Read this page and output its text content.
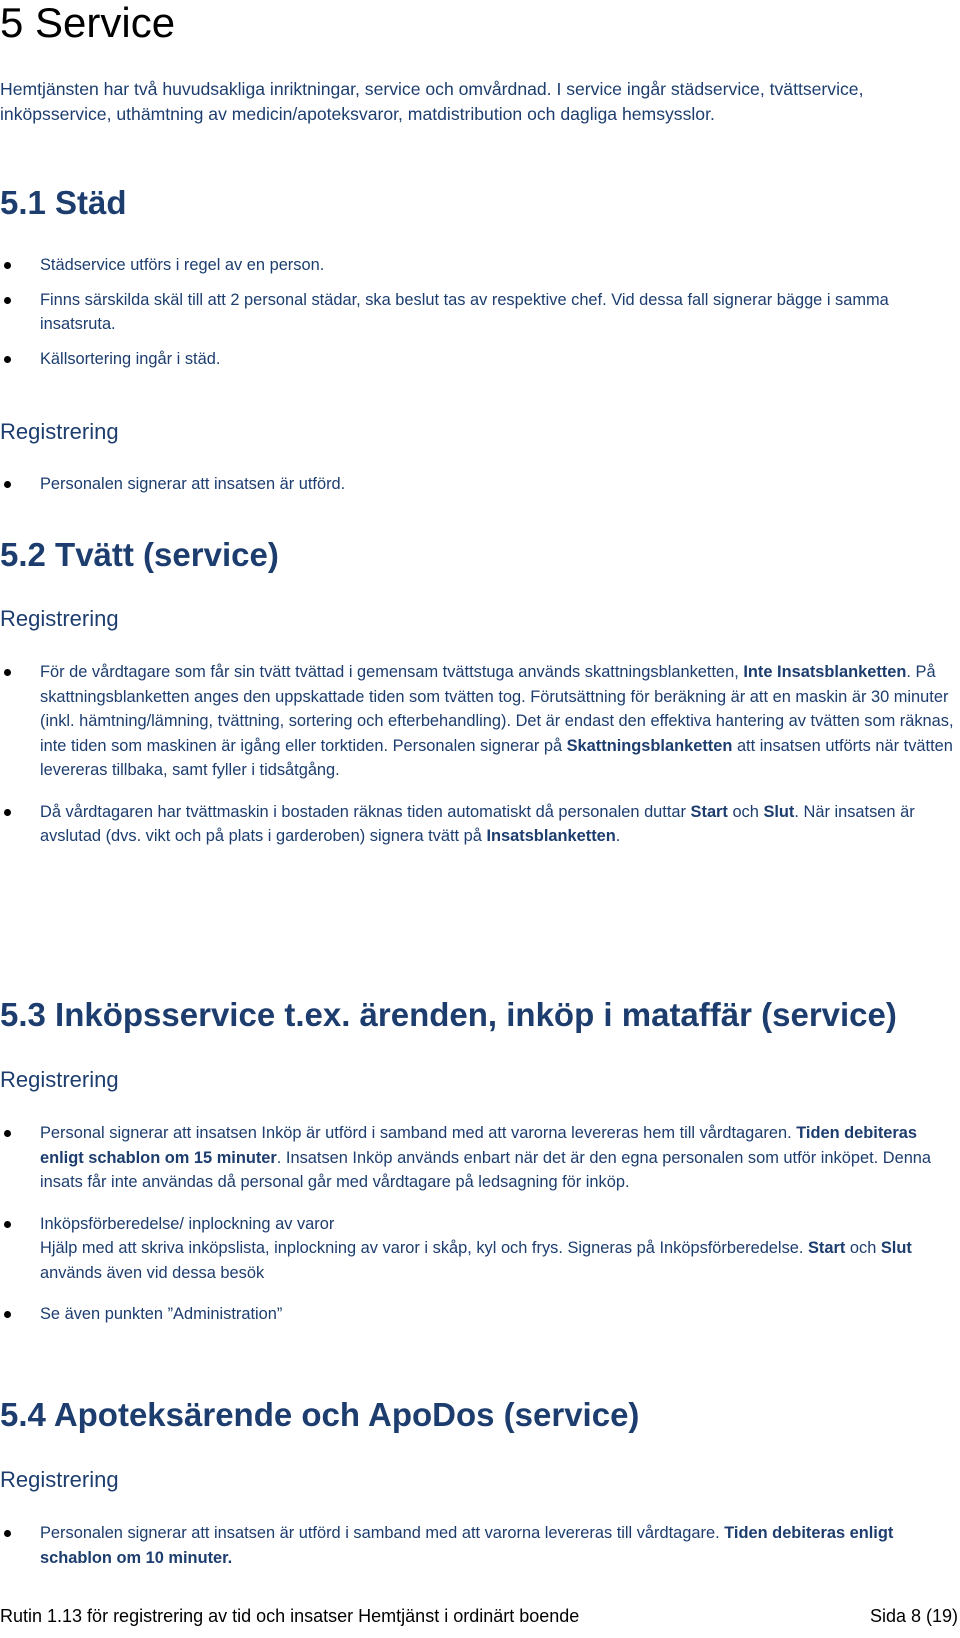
5 Service

Hemtjänsten har två huvudsakliga inriktningar, service och omvårdnad. I service ingår städservice, tvättservice, inköpsservice, uthämtning av medicin/apoteksvaror, matdistribution och dagliga hemsysslor.

5.1 Städ
Städservice utförs i regel av en person.
Finns särskilda skäl till att 2 personal städar, ska beslut tas av respektive chef. Vid dessa fall signerar bägge i samma insatsruta.
Källsortering ingår i städ.
Registrering
Personalen signerar att insatsen är utförd.
5.2 Tvätt (service)
Registrering
För de vårdtagare som får sin tvätt tvättad i gemensam tvättstuga används skattningsblanketten, Inte Insatsblanketten. På skattningsblanketten anges den uppskattade tiden som tvätten tog. Förutsättning för beräkning är att en maskin är 30 minuter (inkl. hämtning/lämning, tvättning, sortering och efterbehandling). Det är endast den effektiva hantering av tvätten som räknas, inte tiden som maskinen är igång eller torktiden. Personalen signerar på Skattningsblanketten att insatsen utförts när tvätten levereras tillbaka, samt fyller i tidsåtgång.
Då vårdtagaren har tvättmaskin i bostaden räknas tiden automatiskt då personalen duttar Start och Slut. När insatsen är avslutad (dvs. vikt och på plats i garderoben) signera tvätt på Insatsblanketten.
5.3 Inköpsservice t.ex. ärenden, inköp i mataffär (service)
Registrering
Personal signerar att insatsen Inköp är utförd i samband med att varorna levereras hem till vårdtagaren. Tiden debiteras enligt schablon om 15 minuter. Insatsen Inköp används enbart när det är den egna personalen som utför inköpet. Denna insats får inte användas då personal går med vårdtagare på ledsagning för inköp.
Inköpsförberedelse/ inplockning av varor
Hjälp med att skriva inköpslista, inplockning av varor i skåp, kyl och frys. Signeras på Inköpsförberedelse. Start och Slut används även vid dessa besök
Se även punkten ”Administration”
5.4 Apoteksärende och ApoDos (service)
Registrering
Personalen signerar att insatsen är utförd i samband med att varorna levereras till vårdtagare. Tiden debiteras enligt schablon om 10 minuter.
Rutin 1.13 för registrering av tid och insatser Hemtjänst i ordinärt boende	Sida 8 (19)
